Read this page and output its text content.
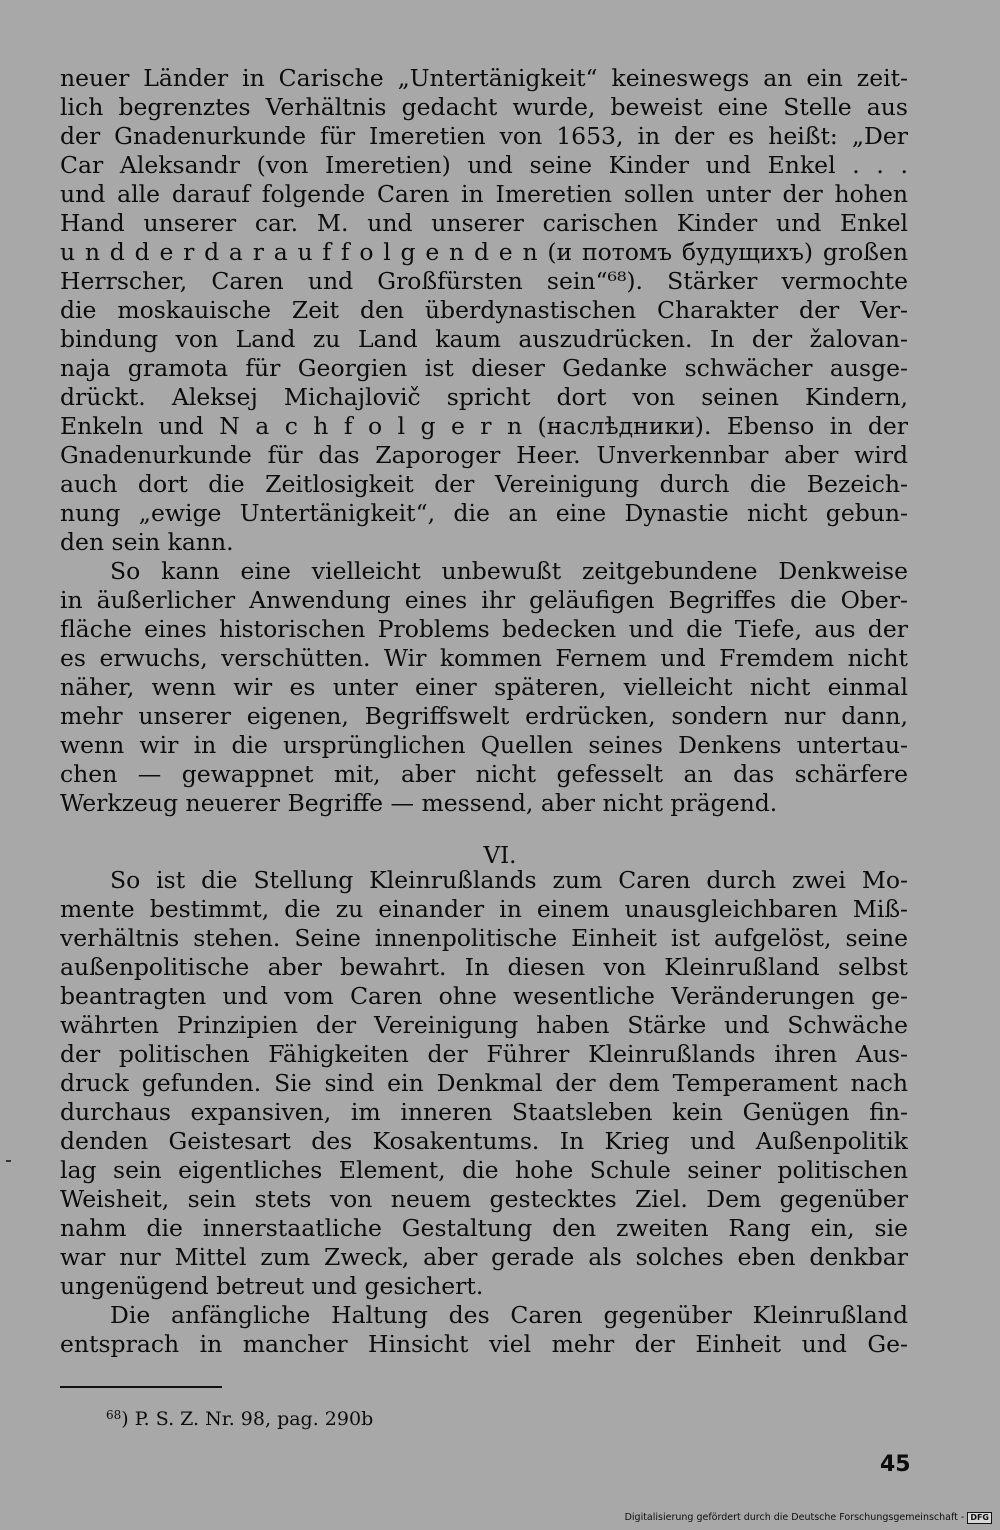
neuer Länder in Carische „Untertänigkeit“ keineswegs an ein zeit-
lich begrenztes Verhältnis gedacht wurde, beweist eine Stelle aus
der Gnadenurkunde für Imeretien von 1653, in der es heißt: „Der
Car Aleksandr (von Imeretien) und seine Kinder und Enkel . . .
und alle darauf folgende Caren in Imeretien sollen unter der hohen
Hand unserer car. M. und unserer carischen Kinder und Enkel
u n d d e r d a r a u f f o l g e n d e n (и потомъ будущихъ) großen
Herrscher, Caren und Großfürsten sein“⁶⁸). Stärker vermochte
die moskauische Zeit den überdynastischen Charakter der Ver-
bindung von Land zu Land kaum auszudrücken. In der žalovan-
naja gramota für Georgien ist dieser Gedanke schwächer ausge-
drückt. Aleksej Michajlovič spricht dort von seinen Kindern,
Enkeln und N a c h f o l g e r n (наслѣдники). Ebenso in der
Gnadenurkunde für das Zaporoger Heer. Unverkennbar aber wird
auch dort die Zeitlosigkeit der Vereinigung durch die Bezeich-
nung „ewige Untertänigkeit“, die an eine Dynastie nicht gebun-
den sein kann.
So kann eine vielleicht unbewußt zeitgebundene Denkweise
in äußerlicher Anwendung eines ihr geläufigen Begriffes die Ober-
fläche eines historischen Problems bedecken und die Tiefe, aus der
es erwuchs, verschütten. Wir kommen Fernem und Fremdem nicht
näher, wenn wir es unter einer späteren, vielleicht nicht einmal
mehr unserer eigenen, Begriffswelt erdrücken, sondern nur dann,
wenn wir in die ursprünglichen Quellen seines Denkens untertau-
chen — gewappnet mit, aber nicht gefesselt an das schärfere
Werkzeug neuerer Begriffe — messend, aber nicht prägend.
VI.
So ist die Stellung Kleinrußlands zum Caren durch zwei Mo-
mente bestimmt, die zu einander in einem unausgleichbaren Miß-
verhältnis stehen. Seine innenpolitische Einheit ist aufgelöst, seine
außenpolitische aber bewahrt. In diesen von Kleinrußland selbst
beantragten und vom Caren ohne wesentliche Veränderungen ge-
währten Prinzipien der Vereinigung haben Stärke und Schwäche
der politischen Fähigkeiten der Führer Kleinrußlands ihren Aus-
druck gefunden. Sie sind ein Denkmal der dem Temperament nach
durchaus expansiven, im inneren Staatsleben kein Genügen fin-
denden Geistesart des Kosakentums. In Krieg und Außenpolitik
lag sein eigentliches Element, die hohe Schule seiner politischen
Weisheit, sein stets von neuem gestecktes Ziel. Dem gegenüber
nahm die innerstaatliche Gestaltung den zweiten Rang ein, sie
war nur Mittel zum Zweck, aber gerade als solches eben denkbar
ungenügend betreut und gesichert.
Die anfängliche Haltung des Caren gegenüber Kleinrußland
entsprach in mancher Hinsicht viel mehr der Einheit und Ge-
$^{68}$) P. S. Z. Nr. 98, pag. 290b
45
Digitalisierung gefördert durch die Deutsche Forschungsgemeinschaft - DFG
